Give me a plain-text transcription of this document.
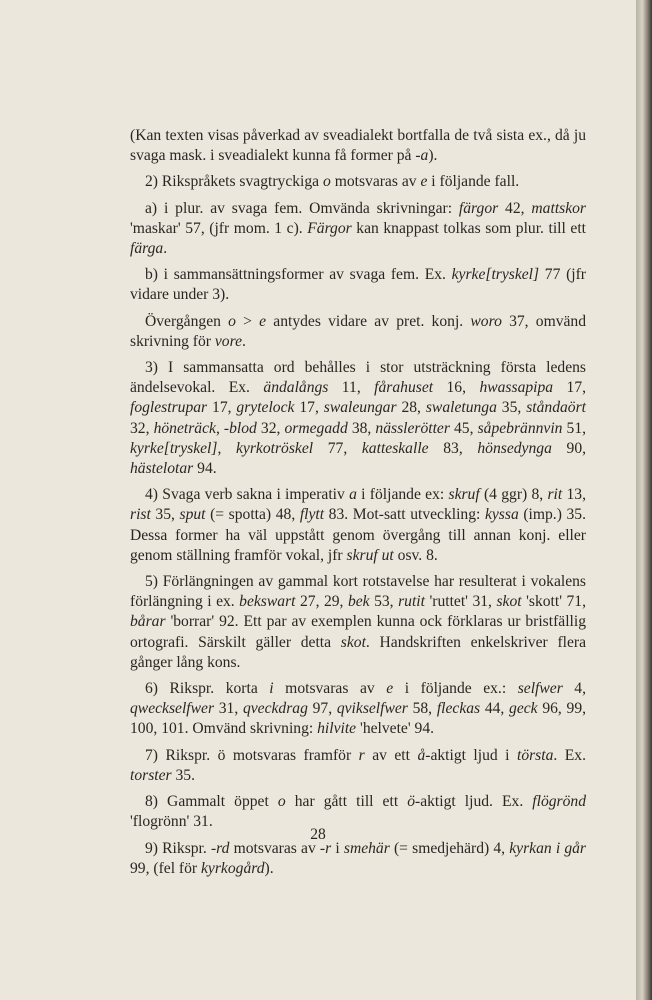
(Kan texten visas påverkad av sveadialekt bortfalla de två sista ex., då ju svaga mask. i sveadialekt kunna få former på -a).

2) Rikspråkets svagtryckiga o motsvaras av e i följande fall.

a) i plur. av svaga fem. Omvända skrivningar: färgor 42, mattskor 'maskar' 57, (jfr mom. 1 c). Färgor kan knappast tolkas som plur. till ett färga.

b) i sammansättningsformer av svaga fem. Ex. kyrke[tryskel] 77 (jfr vidare under 3).

Övergången o > e antydes vidare av pret. konj. woro 37, omvänd skrivning för vore.

3) I sammansatta ord behålles i stor utsträckning första ledens ändelsevokal. Ex. ändalångs 11, fårahuset 16, hwassapipa 17, foglestrupar 17, grytelock 17, swaleungar 28, swaletunga 35, ståndaört 32, höneträck, -blod 32, ormegadd 38, nässlerötter 45, såpebrännvin 51, kyrke[tryskel], kyrkotröskel 77, katteskalle 83, hönsedynga 90, hästelotar 94.

4) Svaga verb sakna i imperativ a i följande ex: skruf (4 ggr) 8, rit 13, rist 35, sput (= spotta) 48, flytt 83. Mot-satt utveckling: kyssa (imp.) 35. Dessa former ha väl uppstått genom övergång till annan konj. eller genom ställning framför vokal, jfr skruf ut osv. 8.

5) Förlängningen av gammal kort rotstavelse har resulterat i vokalens förlängning i ex. bekswart 27, 29, bek 53, rutit 'ruttet' 31, skot 'skott' 71, bårar 'borrar' 92. Ett par av exemplen kunna ock förklaras ur bristfällig ortografi. Särskilt gäller detta skot. Handskriften enkelskriver flera gånger lång kons.

6) Rikspr. korta i motsvaras av e i följande ex.: selfwer 4, qweckselfwer 31, qveckdrag 97, qvikselfwer 58, fleckas 44, geck 96, 99, 100, 101. Omvänd skrivning: hilvite 'helvete' 94.

7) Rikspr. ö motsvaras framför r av ett å-aktigt ljud i törsta. Ex. torster 35.

8) Gammalt öppet o har gått till ett ö-aktigt ljud. Ex. flögrönd 'flogrönn' 31.

9) Rikspr. -rd motsvaras av -r i smehär (= smedjehärd) 4, kyrkan i går 99, (fel för kyrkogård).

28
